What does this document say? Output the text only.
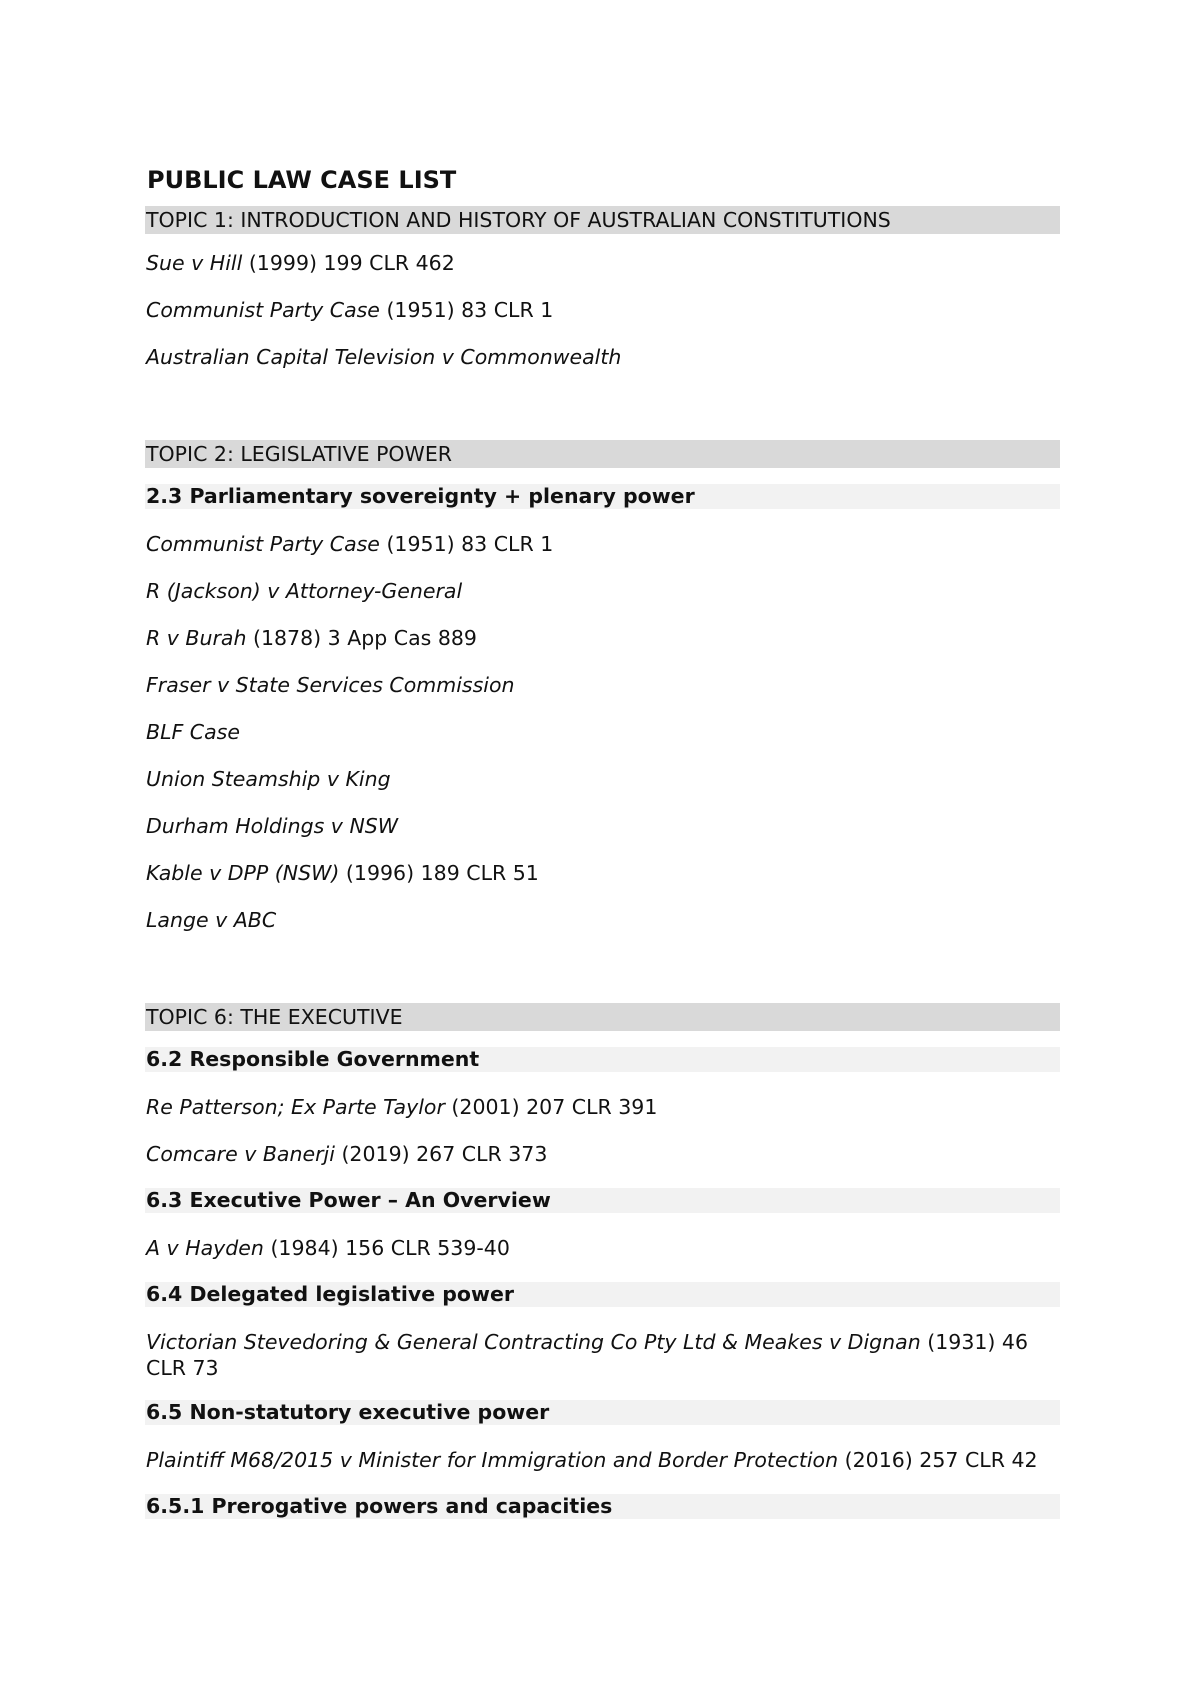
PUBLIC LAW CASE LIST
TOPIC 1: INTRODUCTION AND HISTORY OF AUSTRALIAN CONSTITUTIONS
Sue v Hill (1999) 199 CLR 462
Communist Party Case (1951) 83 CLR 1
Australian Capital Television v Commonwealth
TOPIC 2: LEGISLATIVE POWER
2.3 Parliamentary sovereignty + plenary power
Communist Party Case (1951) 83 CLR 1
R (Jackson) v Attorney-General
R v Burah (1878) 3 App Cas 889
Fraser v State Services Commission
BLF Case
Union Steamship v King
Durham Holdings v NSW
Kable v DPP (NSW) (1996) 189 CLR 51
Lange v ABC
TOPIC 6: THE EXECUTIVE
6.2 Responsible Government
Re Patterson; Ex Parte Taylor (2001) 207 CLR 391
Comcare v Banerji (2019) 267 CLR 373
6.3 Executive Power – An Overview
A v Hayden (1984) 156 CLR 539-40
6.4 Delegated legislative power
Victorian Stevedoring & General Contracting Co Pty Ltd & Meakes v Dignan (1931) 46 CLR 73
6.5 Non-statutory executive power
Plaintiff M68/2015 v Minister for Immigration and Border Protection (2016) 257 CLR 42
6.5.1 Prerogative powers and capacities
